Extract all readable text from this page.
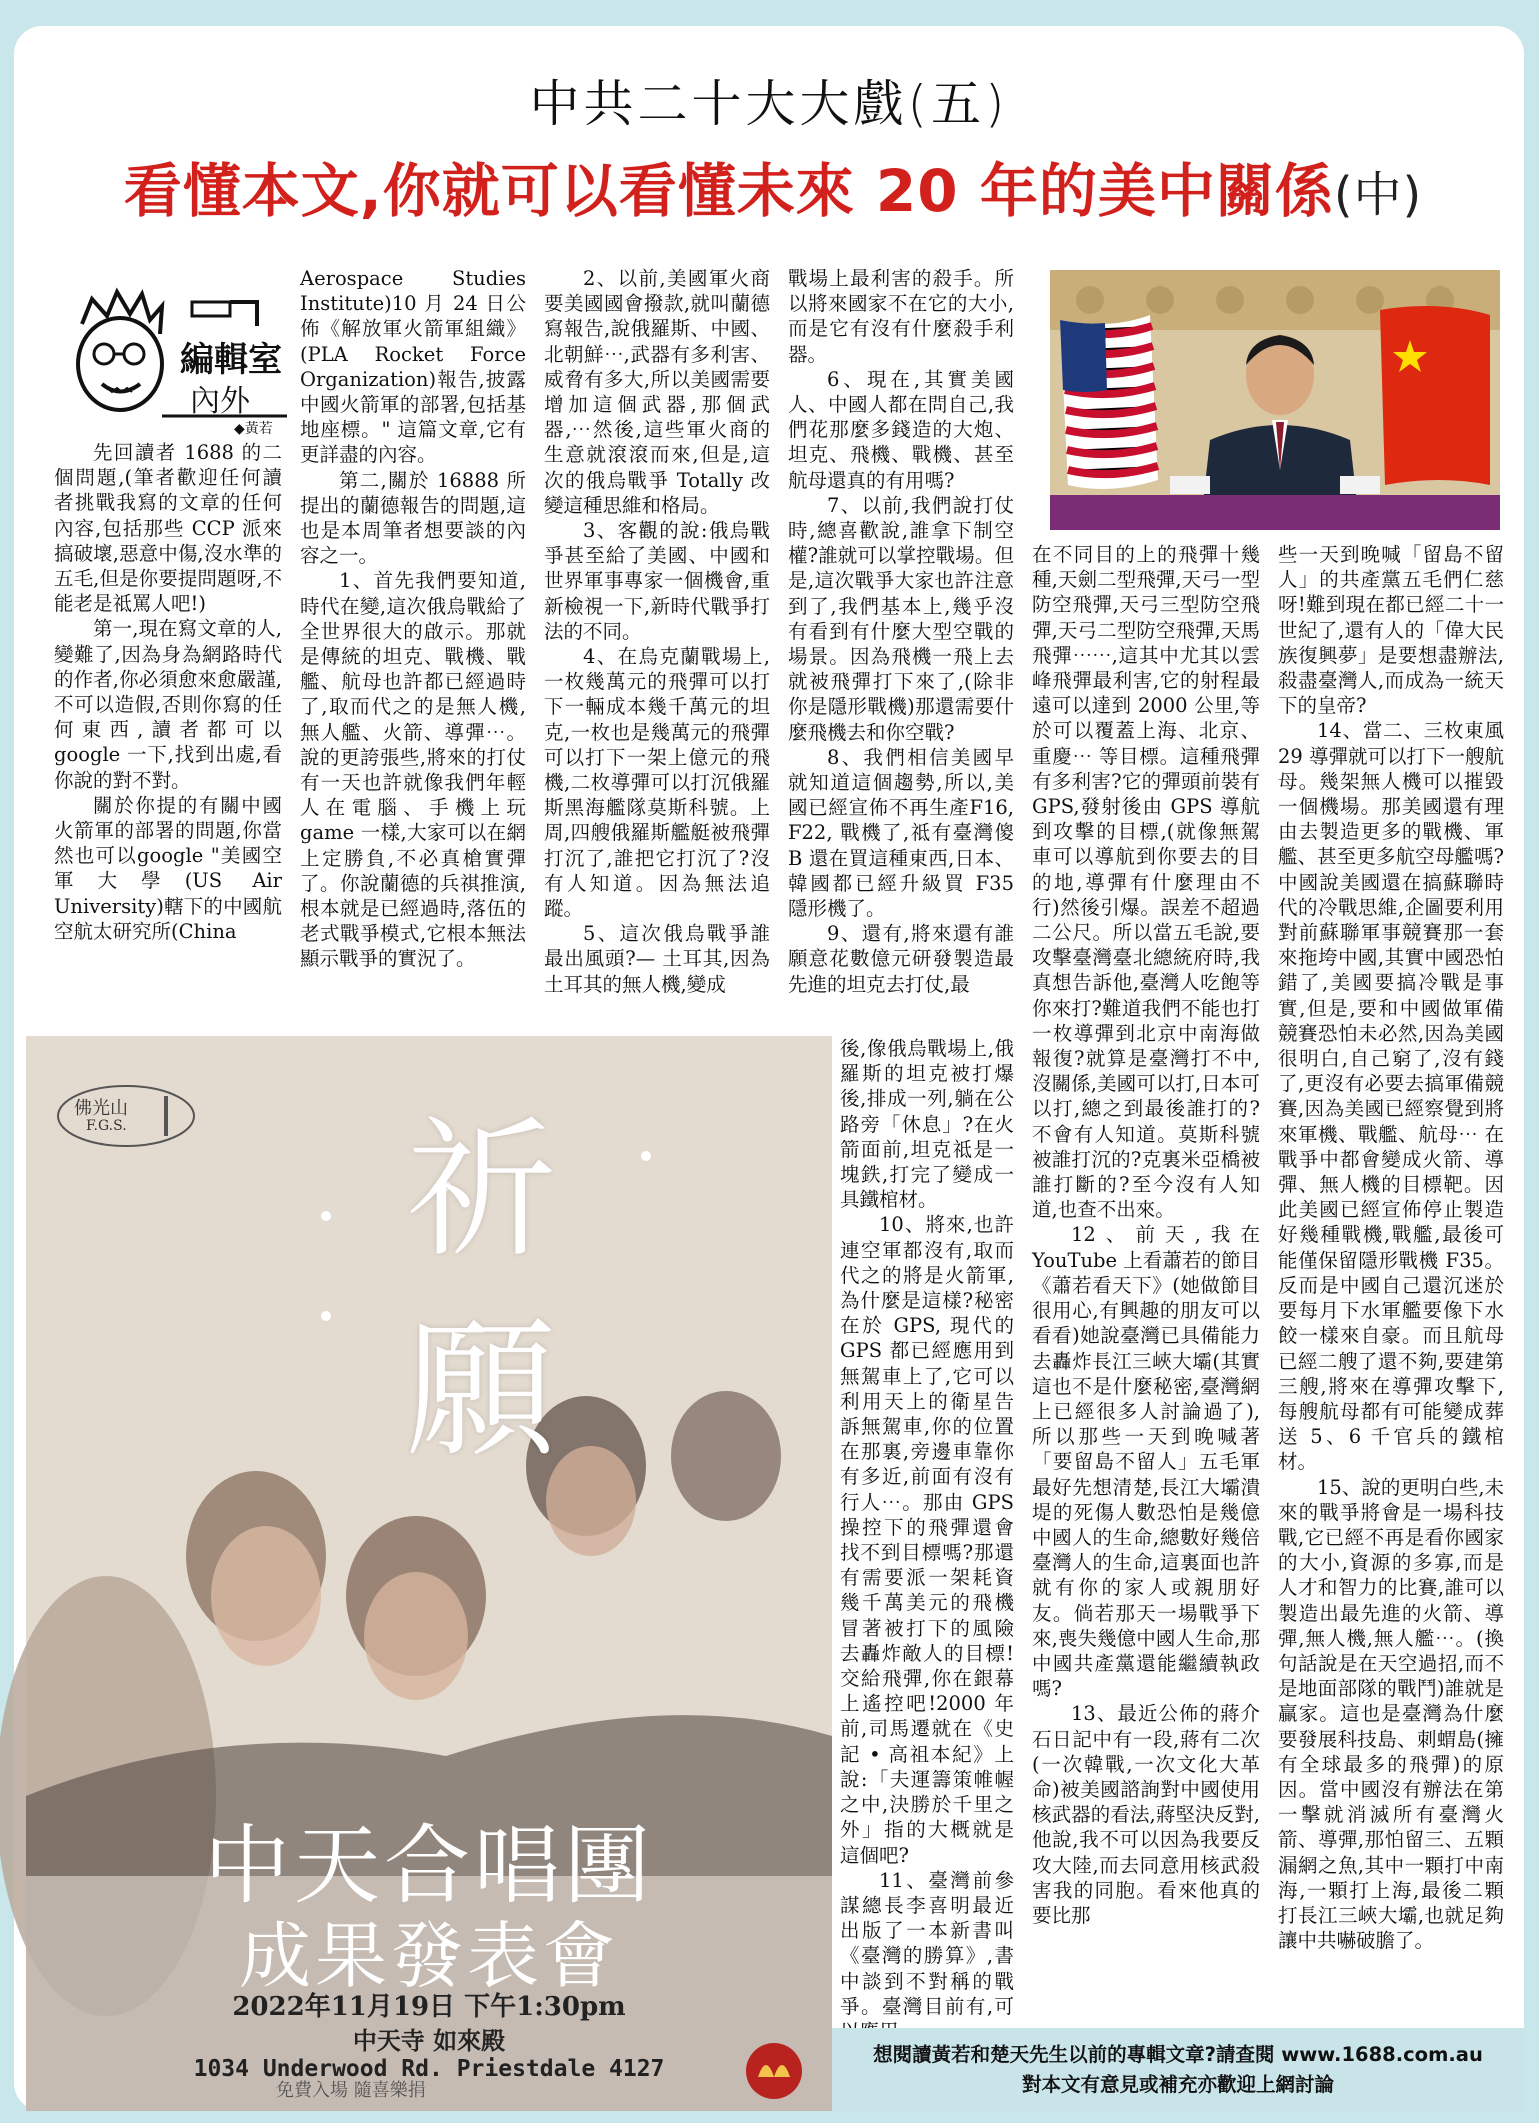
中共二十大大戲(五)
看懂本文,你就可以看懂未來 20 年的美中關係(中)
編輯室
內外
◆黃若

先回讀者 1688 的二個問題,(筆者歡迎任何讀者挑戰我寫的文章的任何內容,包括那些 CCP 派來搞破壞,惡意中傷,沒水準的五毛,但是你要提問題呀,不能老是祗罵人吧!)

第一,現在寫文章的人,變難了,因為身為網路時代的作者,你必須愈來愈嚴謹,不可以造假,否則你寫的任何東西,讀者都可以 google 一下,找到出處,看你說的對不對。

關於你提的有關中國火箭軍的部署的問題,你當然也可以google "美國空軍大學(US Air University)轄下的中國航空航太研究所(China

Aerospace Studies Institute)10 月 24 日公佈《解放軍火箭軍組織》(PLA Rocket Force Organization)報告,披露中國火箭軍的部署,包括基地座標。" 這篇文章,它有更詳盡的內容。

第二,關於 16888 所提出的蘭德報告的問題,這也是本周筆者想要談的內容之一。

1、首先我們要知道,時代在變,這次俄烏戰給了全世界很大的啟示。那就是傳統的坦克、戰機、戰艦、航母也許都已經過時了,取而代之的是無人機,無人艦、火箭、導彈⋯。說的更誇張些,將來的打仗有一天也許就像我們年輕人在電腦、手機上玩 game 一樣,大家可以在網上定勝負,不必真槍實彈了。你說蘭德的兵祺推演,根本就是已經過時,落伍的老式戰爭模式,它根本無法顯示戰爭的實況了。

2、以前,美國軍火商要美國國會撥款,就叫蘭德寫報告,說俄羅斯、中國、北朝鮮⋯,武器有多利害、威脅有多大,所以美國需要增加這個武器,那個武器,⋯然後,這些軍火商的生意就滾滾而來,但是,這次的俄烏戰爭 Totally 改變這種思維和格局。

3、客觀的說:俄烏戰爭甚至給了美國、中國和世界軍事專家一個機會,重新檢視一下,新時代戰爭打法的不同。

4、在烏克蘭戰場上,一枚幾萬元的飛彈可以打下一輛成本幾千萬元的坦克,一枚也是幾萬元的飛彈可以打下一架上億元的飛機,二枚導彈可以打沉俄羅斯黑海艦隊莫斯科號。上周,四艘俄羅斯艦艇被飛彈打沉了,誰把它打沉了?沒有人知道。因為無法追蹤。

5、這次俄烏戰爭誰最出風頭?— 土耳其,因為土耳其的無人機,變成

戰場上最利害的殺手。所以將來國家不在它的大小,而是它有沒有什麼殺手利器。

6、現在,其實美國人、中國人都在問自己,我們花那麼多錢造的大炮、坦克、飛機、戰機、甚至航母還真的有用嗎?

7、以前,我們說打仗時,總喜歡說,誰拿下制空權?誰就可以掌控戰場。但是,這次戰爭大家也許注意到了,我們基本上,幾乎沒有看到有什麼大型空戰的場景。因為飛機一飛上去就被飛彈打下來了,(除非你是隱形戰機)那還需要什麼飛機去和你空戰?

8、我們相信美國早就知道這個趨勢,所以,美國已經宣佈不再生產F16, F22, 戰機了,祗有臺灣傻 B 還在買這種東西,日本、韓國都已經升級買 F35 隱形機了。

9、還有,將來還有誰願意花數億元研發製造最先進的坦克去打仗,最

後,像俄烏戰場上,俄羅斯的坦克被打爆後,排成一列,躺在公路旁「休息」?在火箭面前,坦克祗是一塊鉄,打完了變成一具鐵棺材。

10、將來,也許連空軍都沒有,取而代之的將是火箭軍,為什麼是這樣?秘密在於 GPS, 現代的 GPS 都已經應用到無駕車上了,它可以利用天上的衛星告訴無駕車,你的位置在那裏,旁邊車靠你有多近,前面有沒有行人⋯。那由 GPS 操控下的飛彈還會找不到目標嗎?那還有需要派一架耗資幾千萬美元的飛機冒著被打下的風險去轟炸敵人的目標!交給飛彈,你在銀幕上遙控吧!2000 年前,司馬遷就在《史記 • 高祖本紀》上說:「夫運籌策帷幄之中,決勝於千里之外」指的大概就是這個吧?

11、臺灣前參謀總長李喜明最近出版了一本新書叫《臺灣的勝算》,書中談到不對稱的戰爭。臺灣目前有,可

在不同目的上的飛彈十幾種,天劍二型飛彈,天弓一型防空飛彈,天弓三型防空飛彈,天弓二型防空飛彈,天馬飛彈⋯⋯,這其中尤其以雲峰飛彈最利害,它的射程最遠可以達到 2000 公里,等於可以覆蓋上海、北京、重慶⋯ 等目標。這種飛彈有多利害?它的彈頭前裝有 GPS,發射後由 GPS 導航到攻擊的目標,(就像無駕車可以導航到你要去的目的地,導彈有什麼理由不行)然後引爆。誤差不超過二公尺。所以當五毛說,要攻擊臺灣臺北總統府時,我真想告訴他,臺灣人吃飽等你來打?難道我們不能也打一枚導彈到北京中南海做報復?就算是臺灣打不中,沒關係,美國可以打,日本可以打,總之到最後誰打的?不會有人知道。莫斯科號被誰打沉的?克裏米亞橋被誰打斷的?至今沒有人知道,也查不出來。

12、前天,我在 YouTube 上看蕭若的節目《蕭若看天下》(她做節目很用心,有興趣的朋友可以看看)她說臺灣已具備能力去轟炸長江三峽大壩(其實這也不是什麼秘密,臺灣網上已經很多人討論過了),所以那些一天到晚喊著「要留島不留人」五毛軍最好先想清楚,長江大壩潰堤的死傷人數恐怕是幾億中國人的生命,總數好幾倍臺灣人的生命,這裏面也許就有你的家人或親朋好友。倘若那天一場戰爭下來,喪失幾億中國人生命,那中國共產黨還能繼續執政嗎?

13、最近公佈的蔣介石日記中有一段,蔣有二次(一次韓戰,一次文化大革命)被美國諮詢對中國使用核武器的看法,蔣堅決反對,他說,我不可以因為我要反攻大陸,而去同意用核武殺害我的同胞。看來他真的要比那

些一天到晚喊「留島不留人」的共產黨五毛們仁慈呀!難到現在都已經二十一世紀了,還有人的「偉大民族復興夢」是要想盡辦法,殺盡臺灣人,而成為一統天下的皇帝?

14、當二、三枚東風29 導彈就可以打下一艘航母。幾架無人機可以摧毀一個機場。那美國還有理由去製造更多的戰機、軍艦、甚至更多航空母艦嗎?中國說美國還在搞蘇聯時代的冷戰思維,企圖要利用對前蘇聯軍事競賽那一套來拖垮中國,其實中國恐怕錯了,美國要搞冷戰是事實,但是,要和中國做軍備競賽恐怕未必然,因為美國很明白,自己窮了,沒有錢了,更沒有必要去搞軍備競賽,因為美國已經察覺到將來軍機、戰艦、航母⋯ 在戰爭中都會變成火箭、導彈、無人機的目標靶。因此美國已經宣佈停止製造好幾種戰機,戰艦,最後可能僅保留隱形戰機 F35。反而是中國自己還沉迷於要每月下水軍艦要像下水餃一樣來自豪。而且航母已經二艘了還不夠,要建第三艘,將來在導彈攻擊下,每艘航母都有可能變成葬送 5、6 千官兵的鐵棺材。

15、說的更明白些,未來的戰爭將會是一場科技戰,它已經不再是看你國家的大小,資源的多寡,而是人才和智力的比賽,誰可以製造出最先進的火箭、導彈,無人機,無人艦⋯。(換句話說是在天空過招,而不是地面部隊的戰鬥)誰就是贏家。這也是臺灣為什麼要發展科技島、刺蝟島(擁有全球最多的飛彈)的原因。當中國沒有辦法在第一擊就消滅所有臺灣火箭、導彈,那怕留三、五顆漏網之魚,其中一顆打中南海,一顆打上海,最後二顆打長江三峽大壩,也就足夠讓中共嚇破膽了。

佛光山
F.G.S. 祈
願
中天合唱團
成果發表會
2022年11月19日 下午1:30pm
中天寺 如來殿
1034 Underwood Rd. Priestdale 4127
免費入場 隨喜樂捐
想閱讀黃若和楚天先生以前的專輯文章?請查閱 www.1688.com.au
對本文有意見或補充亦歡迎上網討論
